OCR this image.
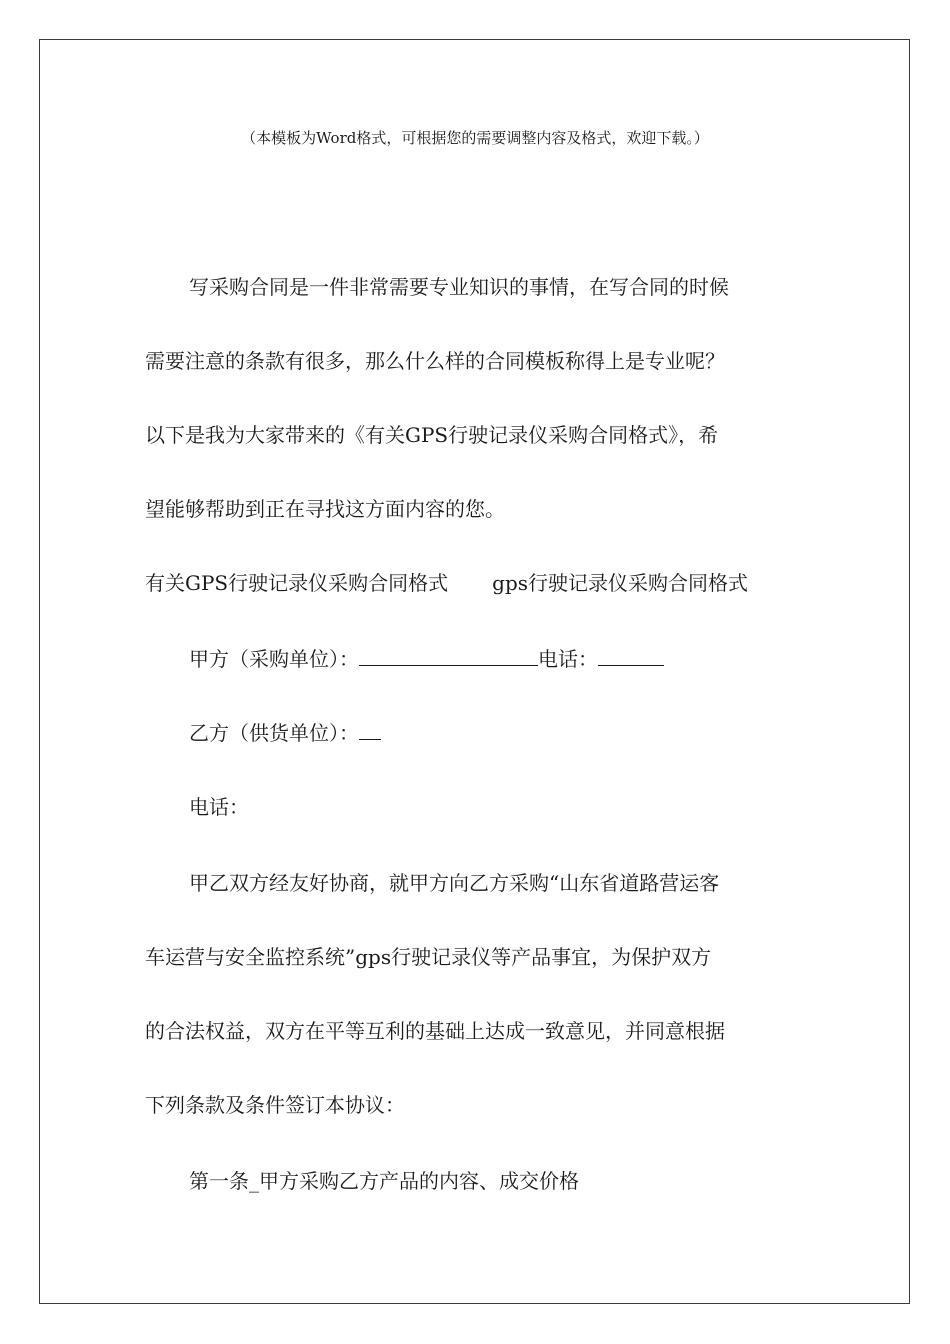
（本模板为Word格式，可根据您的需要调整内容及格式，欢迎下载。）
写采购合同是一件非常需要专业知识的事情，在写合同的时候
需要注意的条款有很多，那么什么样的合同模板称得上是专业呢？
以下是我为大家带来的《有关GPS行驶记录仪采购合同格式》，希
望能够帮助到正在寻找这方面内容的您。
有关GPS行驶记录仪采购合同格式 gps行驶记录仪采购合同格式
甲方（采购单位）：	电话：
乙方（供货单位）：
电话：
甲乙双方经友好协商，就甲方向乙方采购“山东省道路营运客
车运营与安全监控系统”gps行驶记录仪等产品事宜，为保护双方
的合法权益，双方在平等互利的基础上达成一致意见，并同意根据
下列条款及条件签订本协议：
第一条_甲方采购乙方产品的内容、成交价格
